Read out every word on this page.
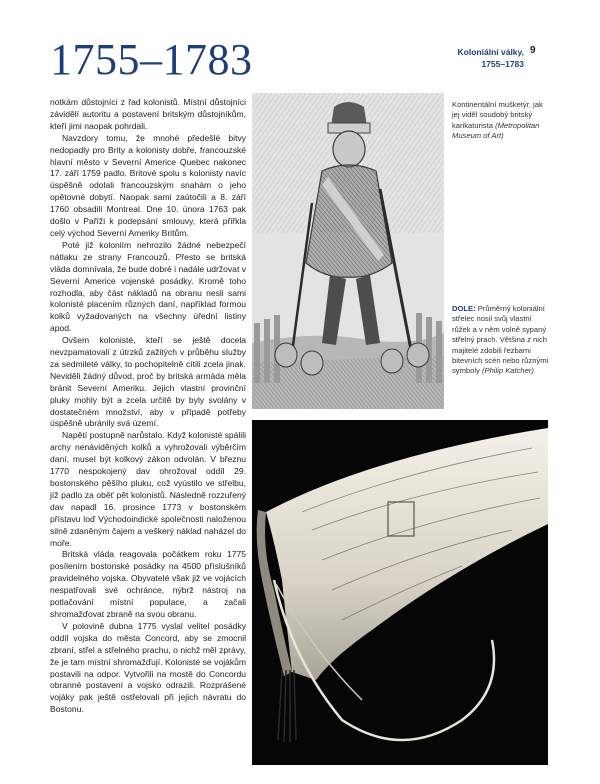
1755–1783	Koloniální války,
1755–1783
9

notkám důstojníci z řad kolonistů. Místní důstojníci závidělí autoritu a postavení britským důstojníkům, kteří jimi naopak pohrdali.

Navzdory tomu, že mnohé předešlé bitvy nedopadly pro Brity a kolonisty dobře, francouzské hlavní město v Severní Americe Quebec nakonec 17. září 1759 padlo. Britové spolu s kolonisty navíc úspěšně odolali francouzským snahám o jeho opětovné dobytí. Naopak sami zaútočili a 8. září 1760 obsadili Montreal. Dne 10. února 1763 pak došlo v Paříži k podepsání smlouvy, která přiřkla celý východ Severní Ameriky Britům.

Poté již koloniím nehrozilo žádné nebezpečí nátlaku ze strany Francouzů. Přesto se britská vláda domnívala, že bude dobré i nadále udržovat v Severní Americe vojenské posádky. Kromě toho rozhodla, aby část nákladů na obranu nesli sami kolonisté placením různých daní, například formou kolků vyžadovaných na všechny úřední listiny apod.

Ovšem kolonisté, kteří se ještě docela nevzpamatovali z útrzků zažitých v průběhu služby za sedmileté války, to pochopitelně cítili zcela jinak. Neviděli žádný důvod, proč by britská armáda měla bránit Severní Ameriku. Jejich vlastní provinční pluky mohly být a zcela určitě by byly svolány v dostatečném množství, aby v případě potřeby úspěšně ubránily svá území.

Napětí postupně narůstalo. Když kolonisté spálili archy nenáviděných kolků a vyhrožovali výběrčím daní, musel být kolkový zákon odvolán. V březnu 1770 nespokojený dav ohrožoval oddíl 29. bostonského pěšího pluku, což vyústilo ve střelbu, jíž padlo za oběť pět kolonistů. Následně rozzuřený dav napadl 16. prosince 1773 v bostonském přístavu loď Východoindické společnosti naloženou silně zdaněným čajem a veškerý náklad naházel do moře.

Britská vláda reagovala počátkem roku 1775 posílením bostonské posádky na 4500 příslušníků pravidelného vojska. Obyvatelé však již ve vojácích nespatřovali své ochránce, nýbrž nástroj na potlačování místní populace, a začali shromažďovat zbraně na svou obranu.

V polovině dubna 1775 vyslal velitel posádky oddíl vojska do města Concord, aby se zmocnil zbraní, střel a střelného prachu, o nichž měl zprávy, že je tam místní shromažďují. Kolonisté se vojákům postavili na odpor. Vytvořili na mostě do Concordu obranné postavení a vojsko odrazili. Rozprášené vojáky pak ještě ostřelovali při jejich návratu do Bostonu.

Kontinentální mušketýr, jak jej viděl soudobý britský karikaturista (Metropolitan Museum of Art)
DOLE: Průměrný koloniální střelec nosil svůj vlastní růžek a v něm volně sypaný střelný prach. Většina z nich majitelé zdobili řezbami bitevních scén nebo různými symboly (Philip Katcher)
